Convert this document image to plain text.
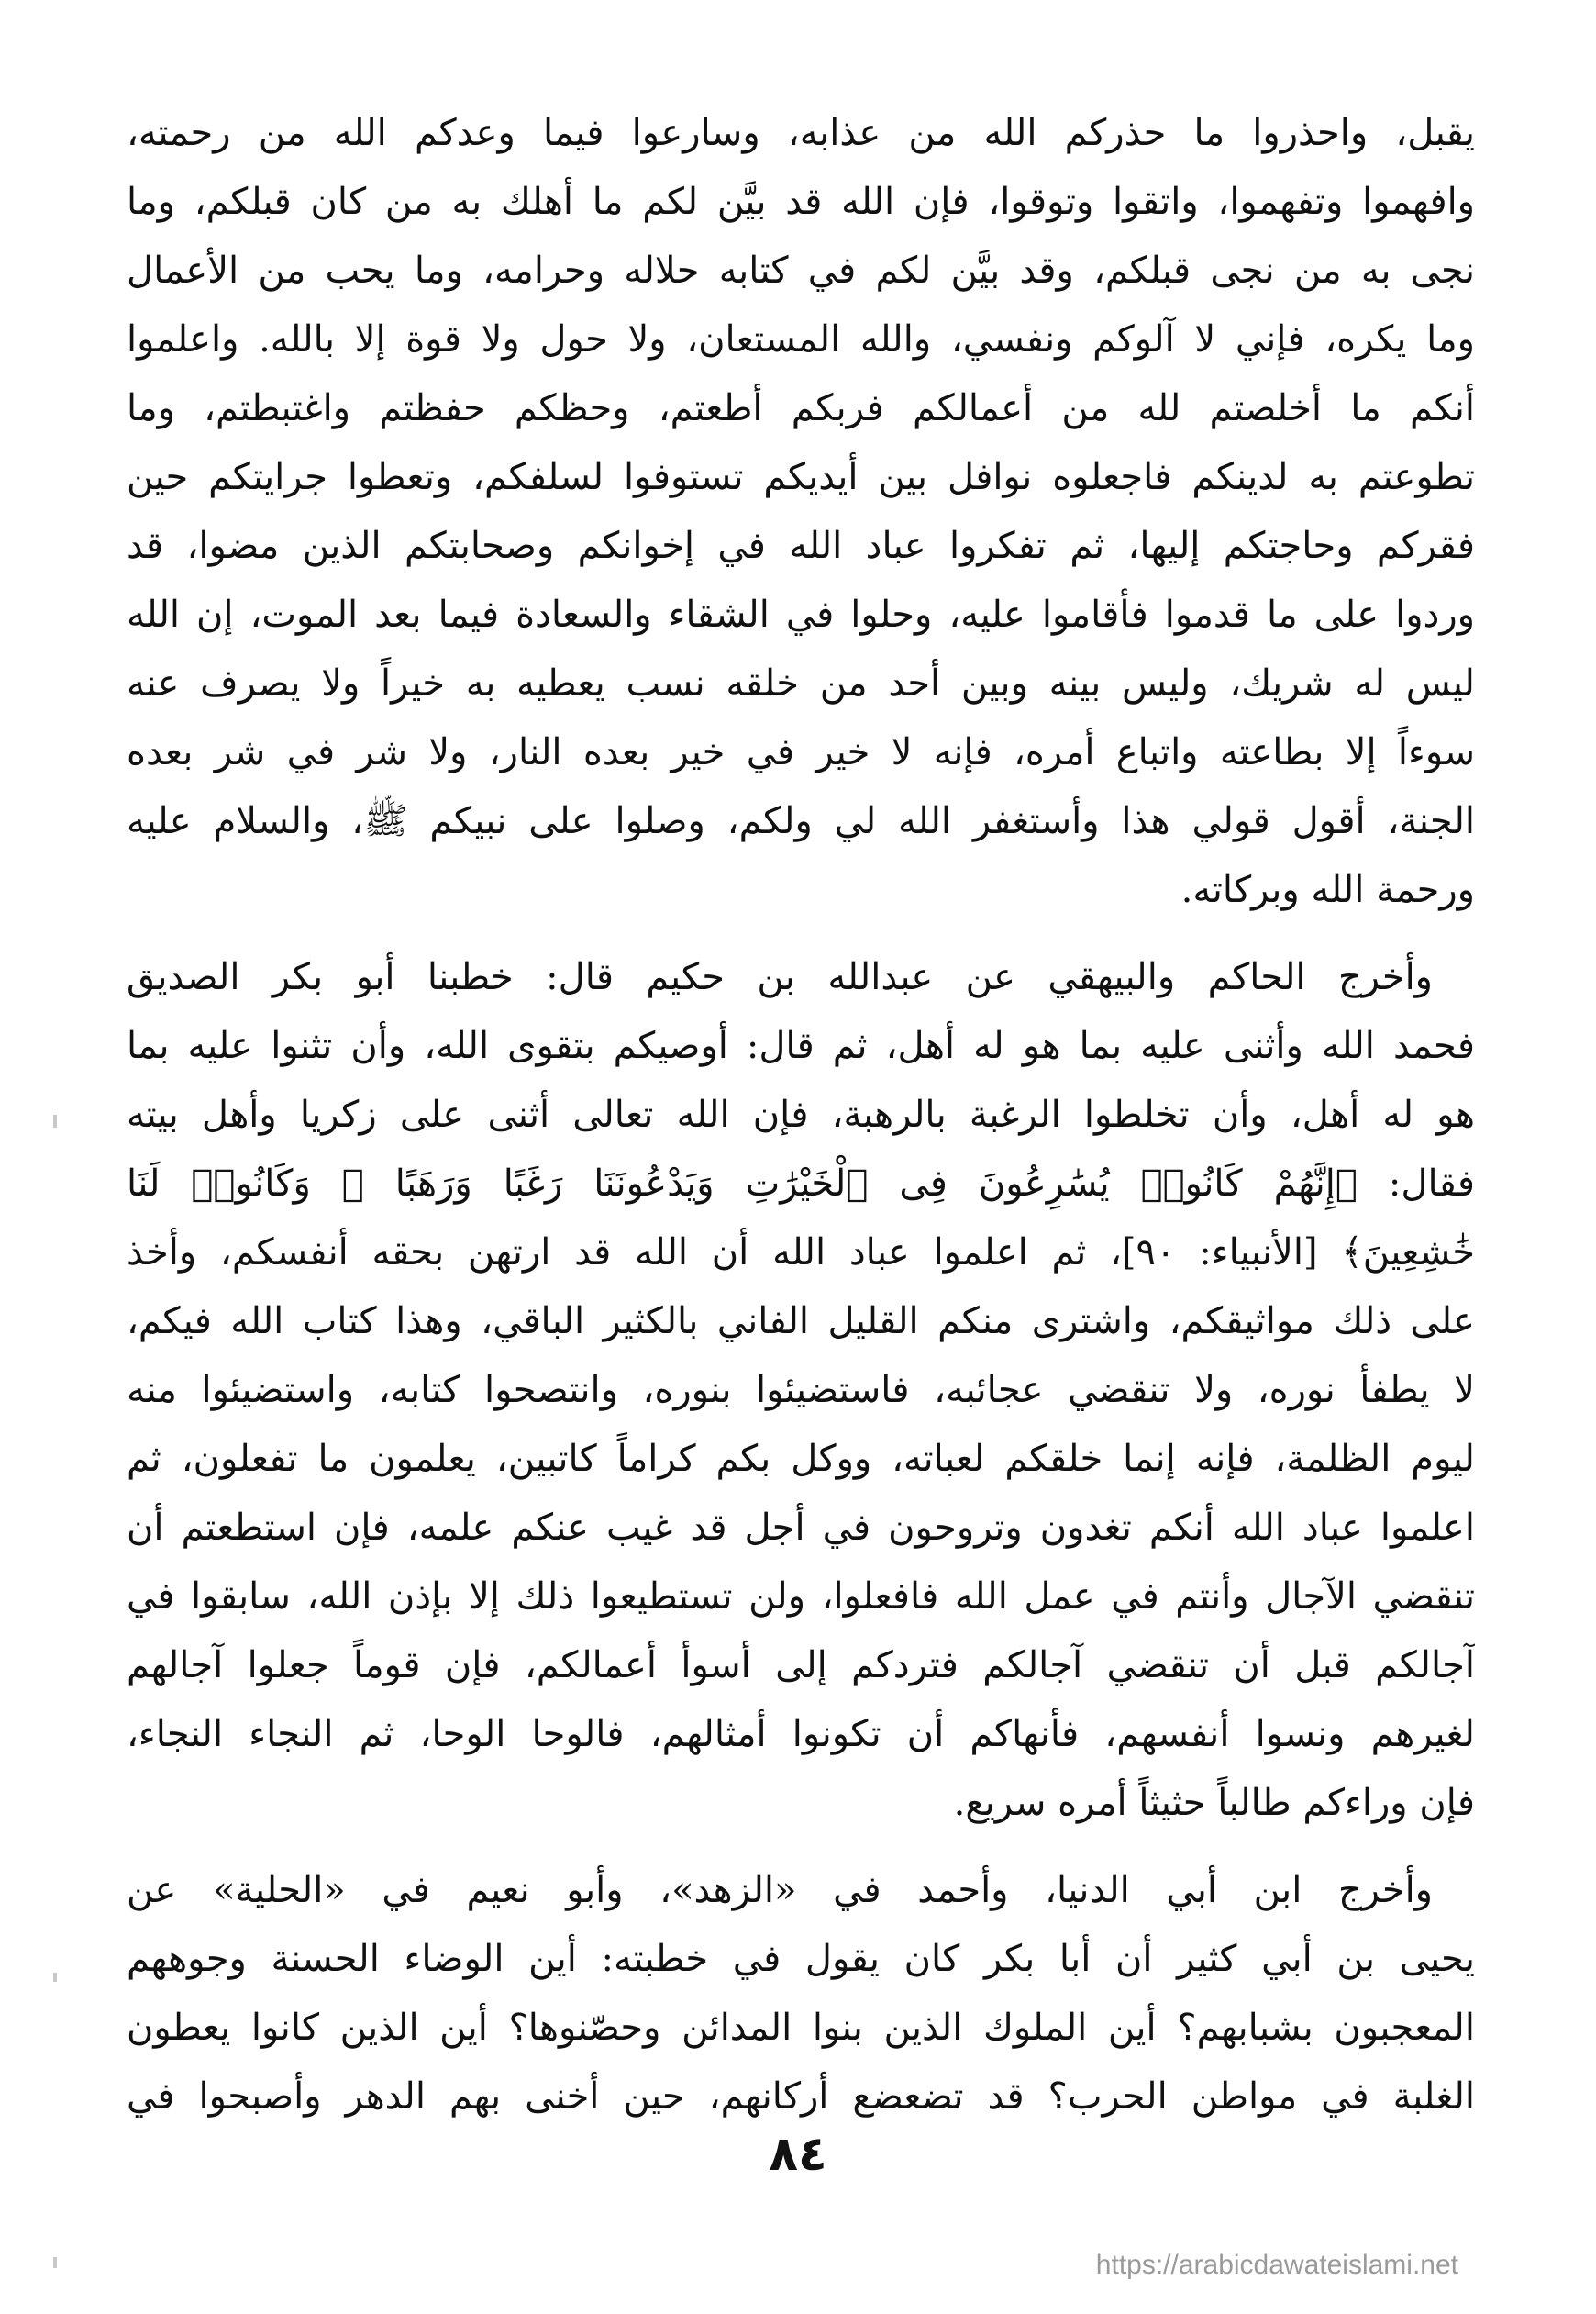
يقبل، واحذروا ما حذركم الله من عذابه، وسارعوا فيما وعدكم الله من رحمته،
وافهموا وتفهموا، واتقوا وتوقوا، فإن الله قد بيَّن لكم ما أهلك به من كان قبلكم، وما
نجى به من نجى قبلكم، وقد بيَّن لكم في كتابه حلاله وحرامه، وما يحب من الأعمال
وما يكره، فإني لا آلوكم ونفسي، والله المستعان، ولا حول ولا قوة إلا بالله. واعلموا
أنكم ما أخلصتم لله من أعمالكم فربكم أطعتم، وحظكم حفظتم واغتبطتم، وما
تطوعتم به لدينكم فاجعلوه نوافل بين أيديكم تستوفوا لسلفكم، وتعطوا جرايتكم حين
فقركم وحاجتكم إليها، ثم تفكروا عباد الله في إخوانكم وصحابتكم الذين مضوا، قد
وردوا على ما قدموا فأقاموا عليه، وحلوا في الشقاء والسعادة فيما بعد الموت، إن الله
ليس له شريك، وليس بينه وبين أحد من خلقه نسب يعطيه به خيراً ولا يصرف عنه
سوءاً إلا بطاعته واتباع أمره، فإنه لا خير في خير بعده النار، ولا شر في شر بعده
الجنة، أقول قولي هذا وأستغفر الله لي ولكم، وصلوا على نبيكم ﷺ، والسلام عليه
ورحمة الله وبركاته.
وأخرج الحاكم والبيهقي عن عبدالله بن حكيم قال: خطبنا أبو بكر الصديق
فحمد الله وأثنى عليه بما هو له أهل، ثم قال: أوصيكم بتقوى الله، وأن تثنوا عليه بما
هو له أهل، وأن تخلطوا الرغبة بالرهبة، فإن الله تعالى أثنى على زكريا وأهل بيته
فقال: ﴿إِنَّهُمْ كَانُوا۟ يُسَٰرِعُونَ فِى ٱلْخَيْرَٰتِ وَيَدْعُونَنَا رَغَبًا وَرَهَبًا ۖ وَكَانُوا۟ لَنَا
خَٰشِعِينَ﴾ [الأنبياء: ٩٠]، ثم اعلموا عباد الله أن الله قد ارتهن بحقه أنفسكم، وأخذ
على ذلك مواثيقكم، واشترى منكم القليل الفاني بالكثير الباقي، وهذا كتاب الله فيكم،
لا يطفأ نوره، ولا تنقضي عجائبه، فاستضيئوا بنوره، وانتصحوا كتابه، واستضيئوا منه
ليوم الظلمة، فإنه إنما خلقكم لعباته، ووكل بكم كراماً كاتبين، يعلمون ما تفعلون، ثم
اعلموا عباد الله أنكم تغدون وتروحون في أجل قد غيب عنكم علمه، فإن استطعتم أن
تنقضي الآجال وأنتم في عمل الله فافعلوا، ولن تستطيعوا ذلك إلا بإذن الله، سابقوا في
آجالكم قبل أن تنقضي آجالكم فتردكم إلى أسوأ أعمالكم، فإن قوماً جعلوا آجالهم
لغيرهم ونسوا أنفسهم، فأنهاكم أن تكونوا أمثالهم، فالوحا الوحا، ثم النجاء النجاء،
فإن وراءكم طالباً حثيثاً أمره سريع.
وأخرج ابن أبي الدنيا، وأحمد في «الزهد»، وأبو نعيم في «الحلية» عن
يحيى بن أبي كثير أن أبا بكر كان يقول في خطبته: أين الوضاء الحسنة وجوههم
المعجبون بشبابهم؟ أين الملوك الذين بنوا المدائن وحصّنوها؟ أين الذين كانوا يعطون
الغلبة في مواطن الحرب؟ قد تضعضع أركانهم، حين أخنى بهم الدهر وأصبحوا في
٨٤
https://arabicdawateislami.net
